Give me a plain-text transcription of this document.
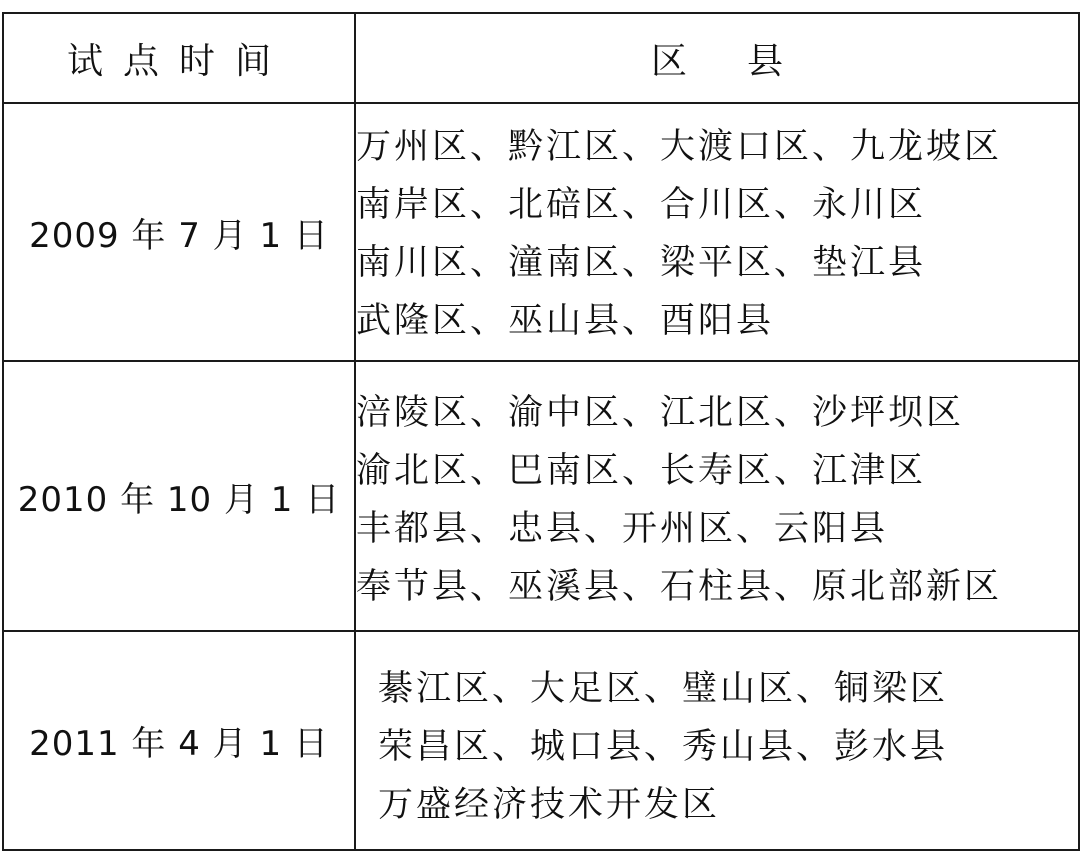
试点时间	区县
2009 年 7 月 1 日	万州区、黔江区、大渡口区、九龙坡区
南岸区、北碚区、合川区、永川区
南川区、潼南区、梁平区、垫江县
武隆区、巫山县、酉阳县

2010 年 10 月 1 日	涪陵区、渝中区、江北区、沙坪坝区
渝北区、巴南区、长寿区、江津区
丰都县、忠县、开州区、云阳县
奉节县、巫溪县、石柱县、原北部新区

2011 年 4 月 1 日	綦江区、大足区、璧山区、铜梁区
荣昌区、城口县、秀山县、彭水县
万盛经济技术开发区
